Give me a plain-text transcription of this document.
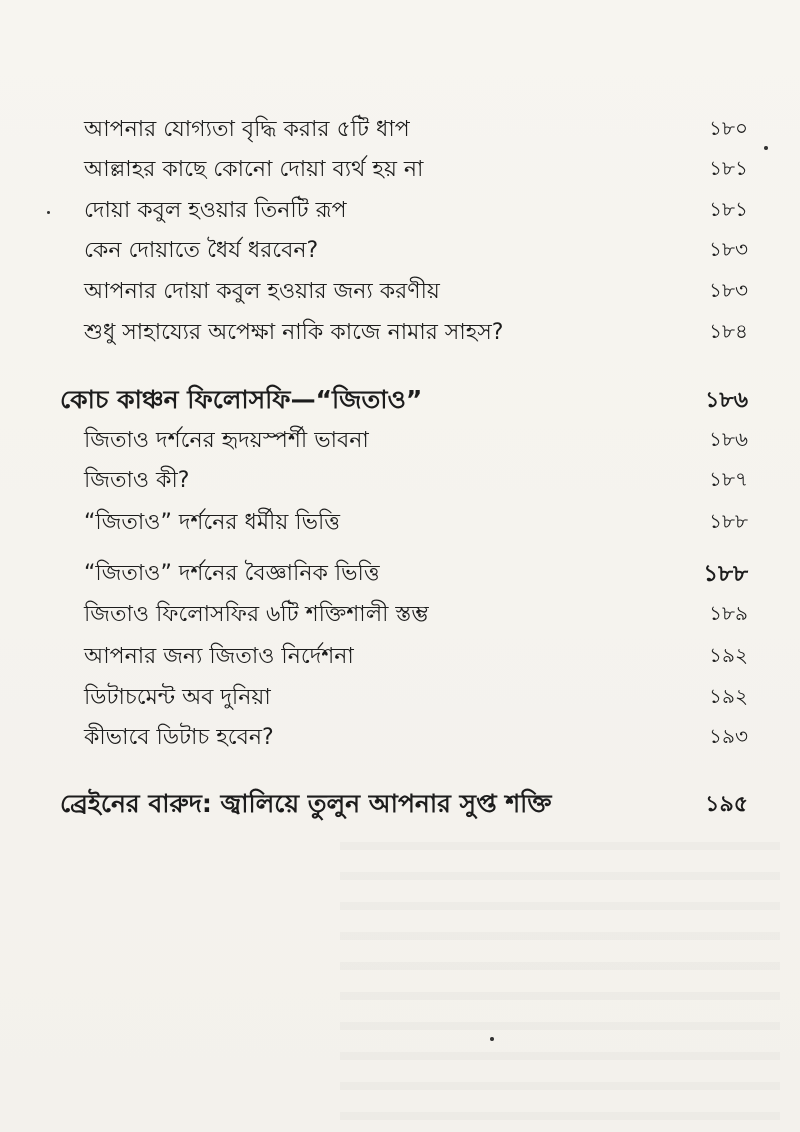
আপনার যোগ্যতা বৃদ্ধি করার ৫টি ধাপ	১৮০
আল্লাহর কাছে কোনো দোয়া ব্যর্থ হয় না	১৮১
দোয়া কবুল হওয়ার তিনটি রূপ	১৮১
কেন দোয়াতে ধৈর্য ধরবেন?	১৮৩
আপনার দোয়া কবুল হওয়ার জন্য করণীয়	১৮৩
শুধু সাহায্যের অপেক্ষা নাকি কাজে নামার সাহস?	১৮৪
কোচ কাঞ্চন ফিলোসফি—“জিতাও”	১৮৬
জিতাও দর্শনের হৃদয়স্পর্শী ভাবনা	১৮৬
জিতাও কী?	১৮৭
“জিতাও” দর্শনের ধর্মীয় ভিত্তি	১৮৮
“জিতাও” দর্শনের বৈজ্ঞানিক ভিত্তি	১৮৮
জিতাও ফিলোসফির ৬টি শক্তিশালী স্তম্ভ	১৮৯
আপনার জন্য জিতাও নির্দেশনা	১৯২
ডিটাচমেন্ট অব দুনিয়া	১৯২
কীভাবে ডিটাচ হবেন?	১৯৩
ব্রেইনের বারুদ: জ্বালিয়ে তুলুন আপনার সুপ্ত শক্তি	১৯৫
